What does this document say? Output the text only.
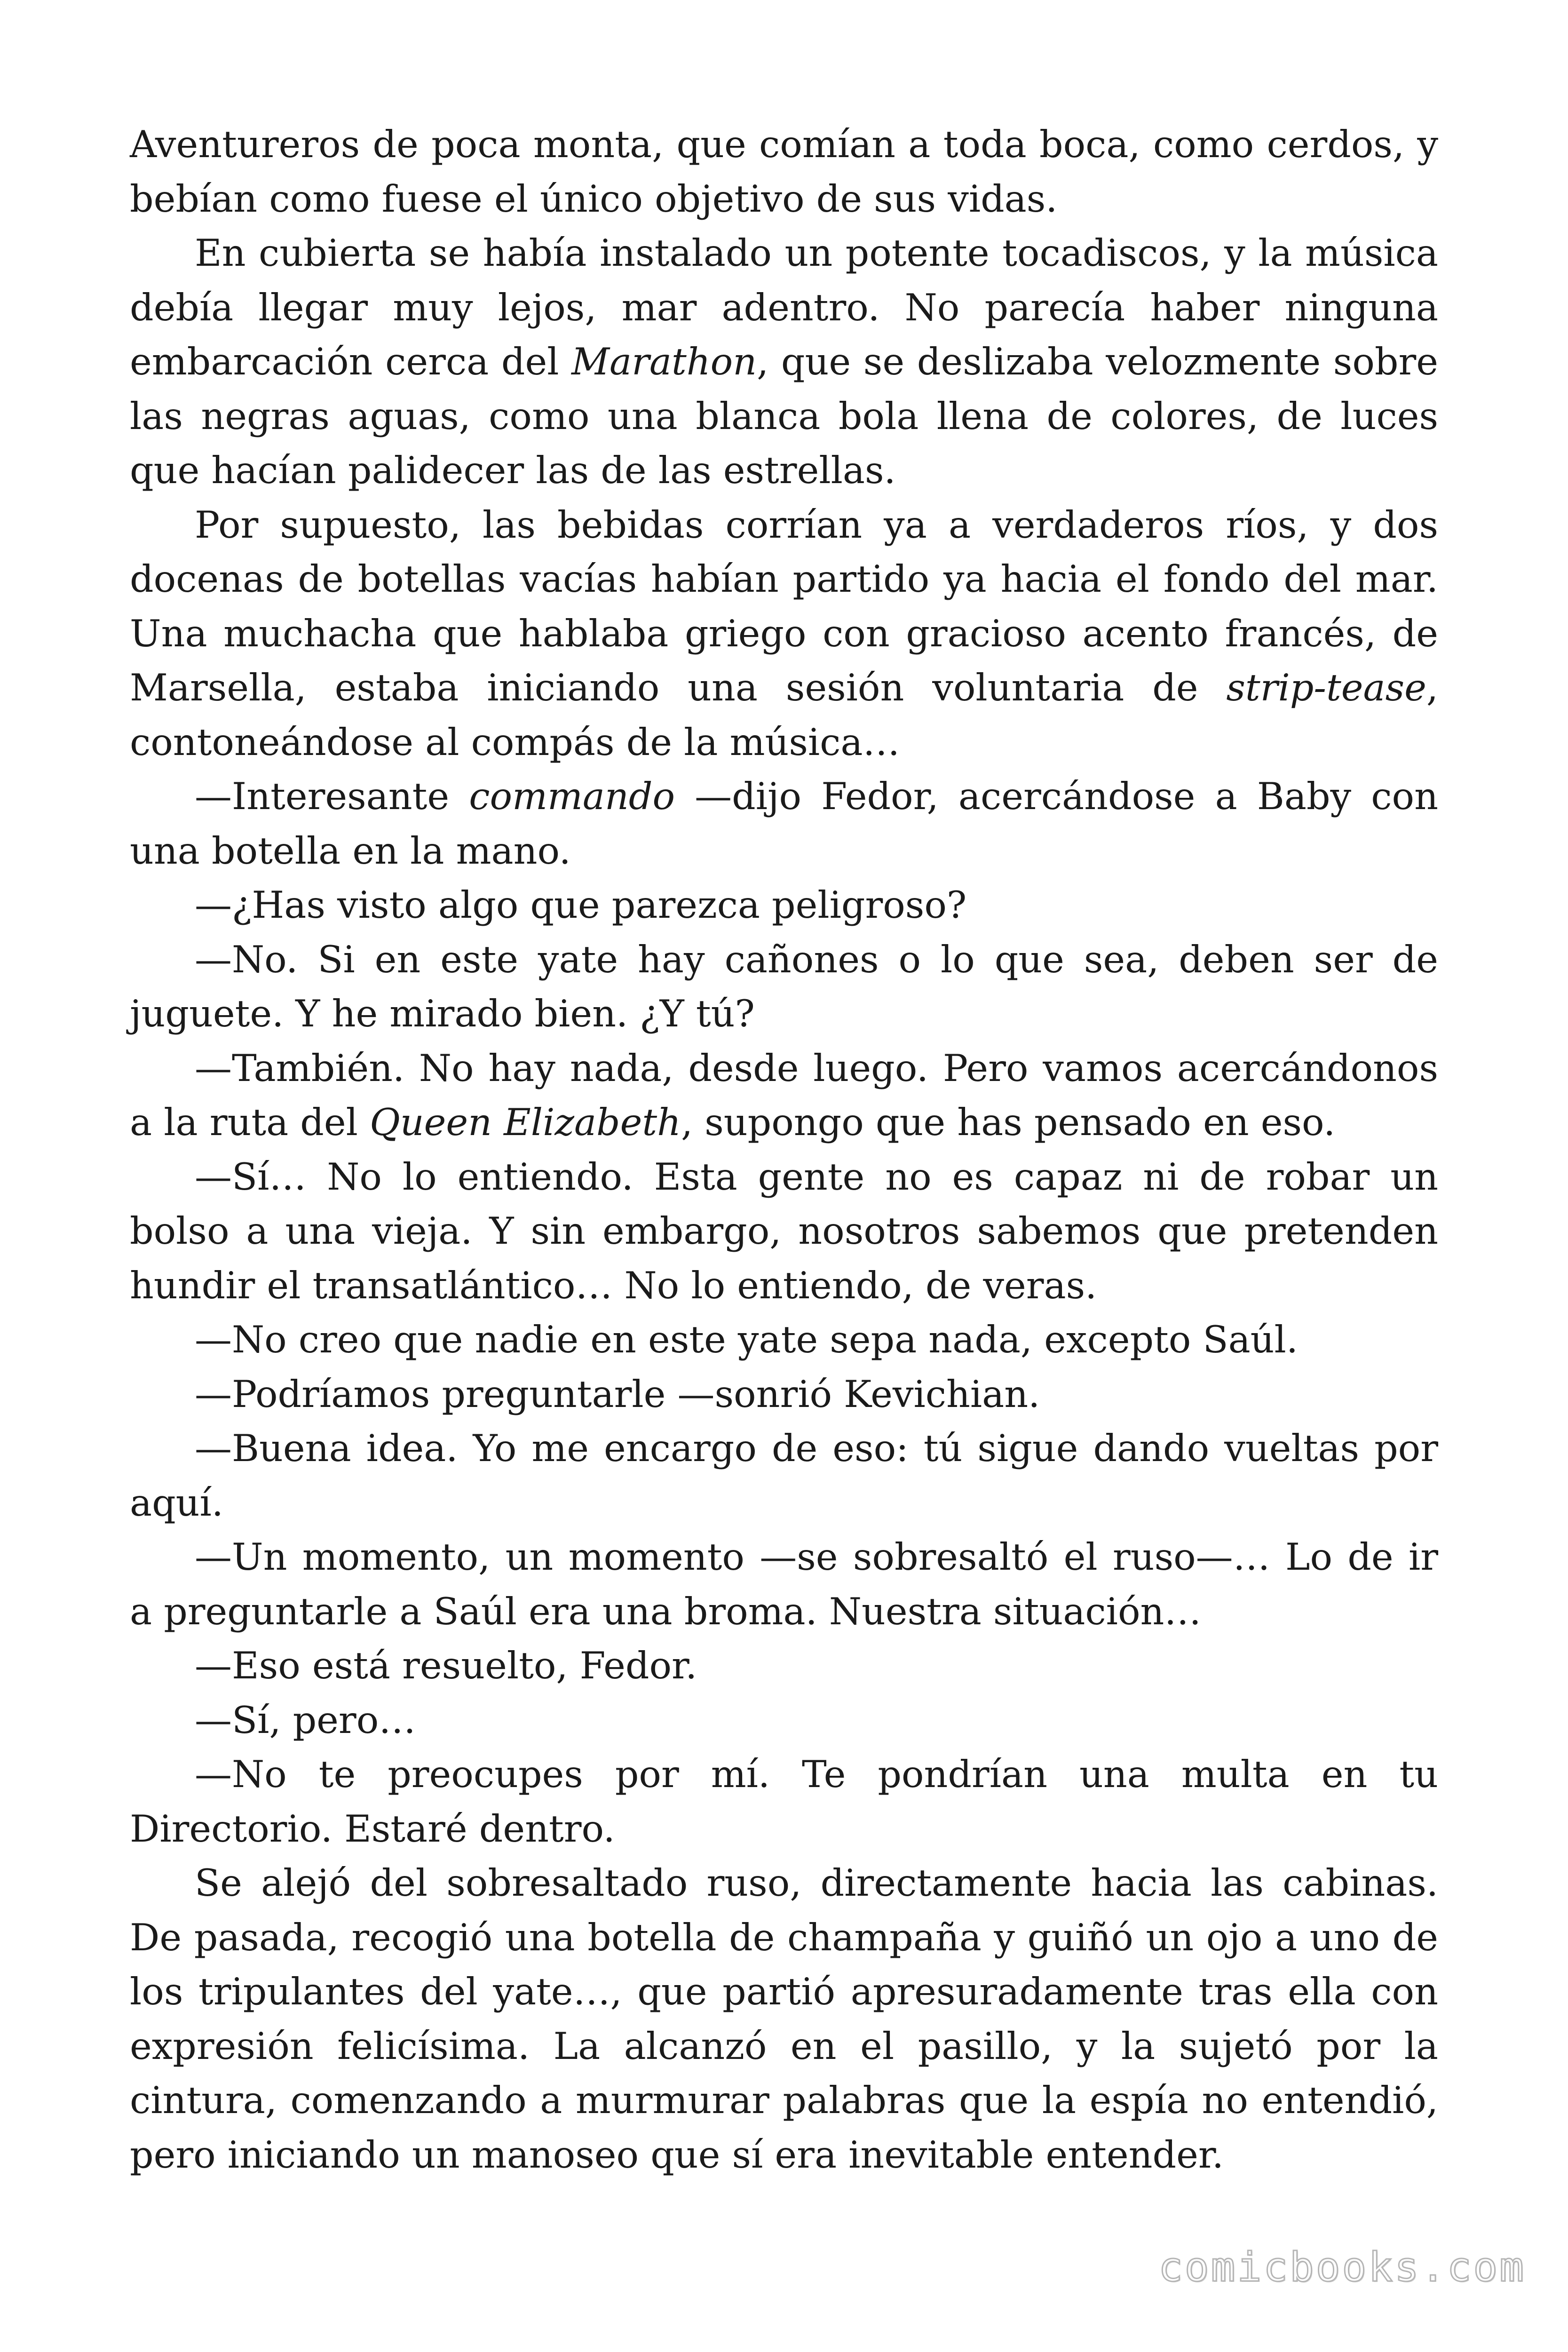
Aventureros de poca monta, que comían a toda boca, como cerdos, y bebían como fuese el único objetivo de sus vidas.

En cubierta se había instalado un potente tocadiscos, y la música debía llegar muy lejos, mar adentro. No parecía haber ninguna embarcación cerca del Marathon, que se deslizaba velozmente sobre las negras aguas, como una blanca bola llena de colores, de luces que hacían palidecer las de las estrellas.

Por supuesto, las bebidas corrían ya a verdaderos ríos, y dos docenas de botellas vacías habían partido ya hacia el fondo del mar. Una muchacha que hablaba griego con gracioso acento francés, de Marsella, estaba iniciando una sesión voluntaria de strip-tease, contoneándose al compás de la música…

—Interesante commando —dijo Fedor, acercándose a Baby con una botella en la mano.

—¿Has visto algo que parezca peligroso?

—No. Si en este yate hay cañones o lo que sea, deben ser de juguete. Y he mirado bien. ¿Y tú?

—También. No hay nada, desde luego. Pero vamos acercándonos a la ruta del Queen Elizabeth, supongo que has pensado en eso.

—Sí… No lo entiendo. Esta gente no es capaz ni de robar un bolso a una vieja. Y sin embargo, nosotros sabemos que pretenden hundir el transatlántico… No lo entiendo, de veras.

—No creo que nadie en este yate sepa nada, excepto Saúl.

—Podríamos preguntarle —sonrió Kevichian.

—Buena idea. Yo me encargo de eso: tú sigue dando vueltas por aquí.

—Un momento, un momento —se sobresaltó el ruso—… Lo de ir a preguntarle a Saúl era una broma. Nuestra situación…

—Eso está resuelto, Fedor.

—Sí, pero…

—No te preocupes por mí. Te pondrían una multa en tu Directorio. Estaré dentro.

Se alejó del sobresaltado ruso, directamente hacia las cabinas. De pasada, recogió una botella de champaña y guiñó un ojo a uno de los tripulantes del yate…, que partió apresuradamente tras ella con expresión felicísima. La alcanzó en el pasillo, y la sujetó por la cintura, comenzando a murmurar palabras que la espía no entendió, pero iniciando un manoseo que sí era inevitable entender.

comicbooks.com
